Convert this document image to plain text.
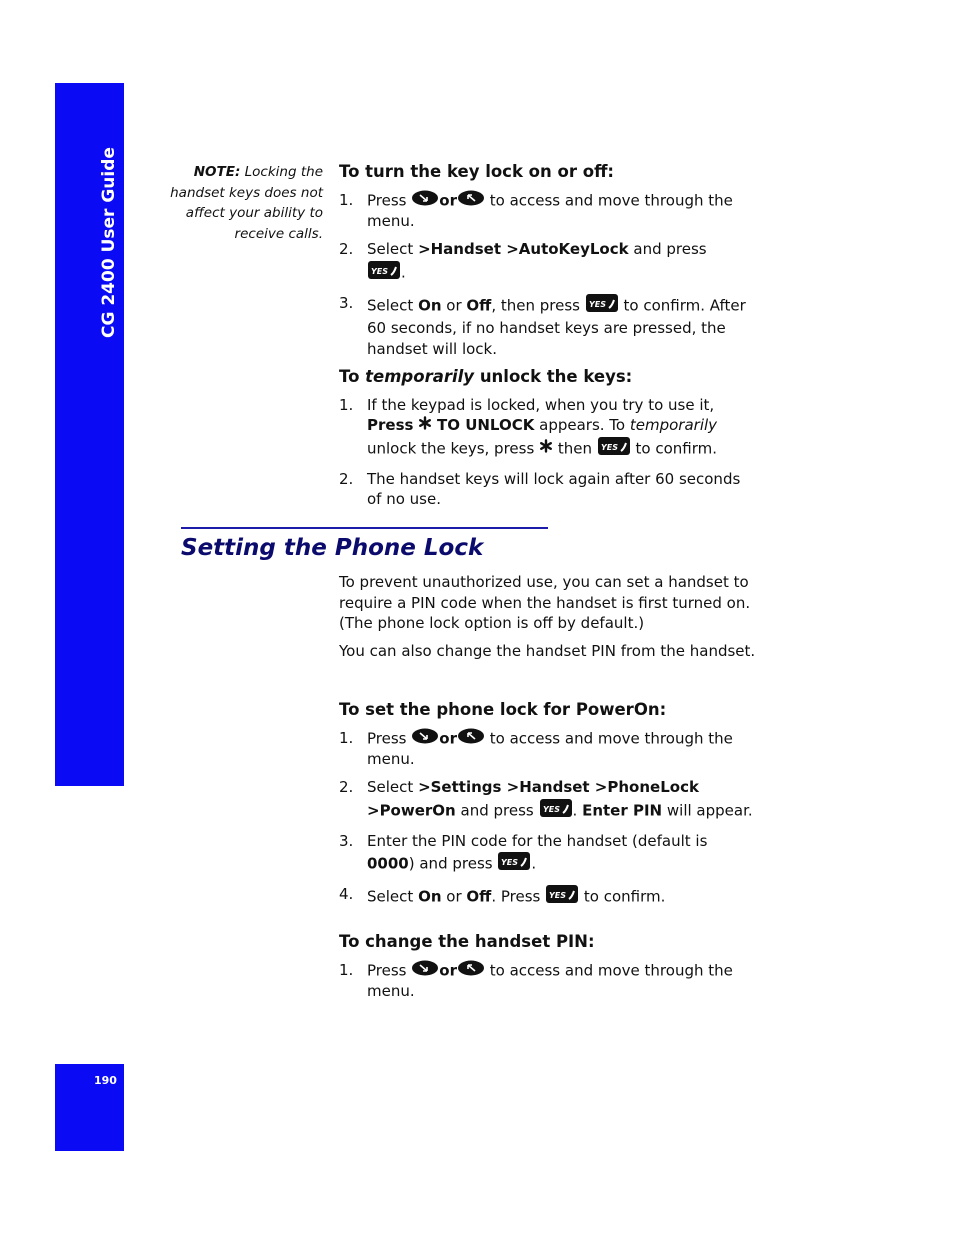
CG 2400 User Guide
190
NOTE: Locking the handset keys does not affect your ability to receive calls.

To turn the key lock on or off:

1. Press or to access and move through the menu.
2. Select >Handset >AutoKeyLock and press

YES .
3. Select On or Off, then press YES to confirm. After 60 seconds, if no handset keys are pressed, the handset will lock.

To temporarily unlock the keys:

1. If the keypad is locked, when you try to use it, Press TO UNLOCK appears. To temporarily unlock the keys, press then YES to confirm.
2. The handset keys will lock again after 60 seconds of no use.
Setting the Phone Lock

To prevent unauthorized use, you can set a handset to require a PIN code when the handset is first turned on. (The phone lock option is off by default.)

You can also change the handset PIN from the handset.

To set the phone lock for PowerOn:

1. Press or to access and move through the menu.
2. Select >Settings >Handset >PhoneLock >PowerOn and press YES . Enter PIN will appear.
3. Enter the PIN code for the handset (default is 0000) and press YES .
4. Select On or Off. Press YES to confirm.

To change the handset PIN:

1. Press or to access and move through the menu.
